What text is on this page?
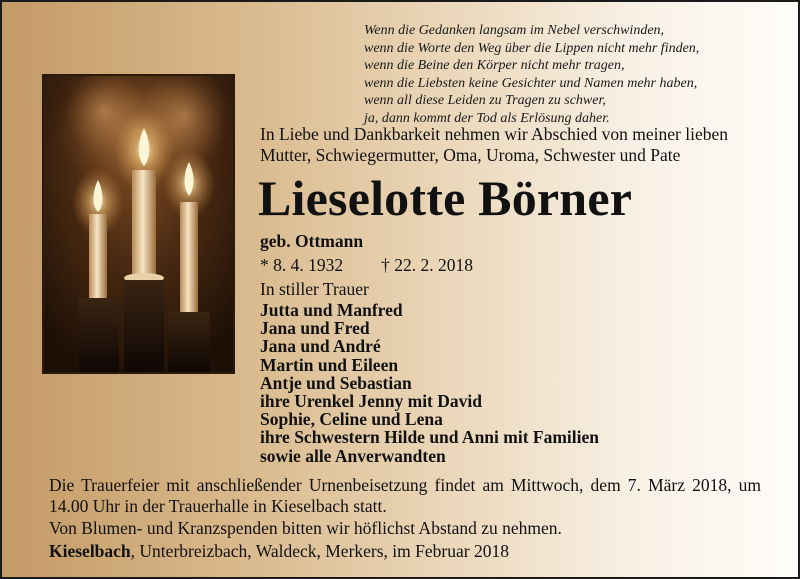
Wenn die Gedanken langsam im Nebel verschwinden,
wenn die Worte den Weg über die Lippen nicht mehr finden,
wenn die Beine den Körper nicht mehr tragen,
wenn die Liebsten keine Gesichter und Namen mehr haben,
wenn all diese Leiden zu Tragen zu schwer,
ja, dann kommt der Tod als Erlösung daher.
In Liebe und Dankbarkeit nehmen wir Abschied von meiner lieben
Mutter, Schwiegermutter, Oma, Uroma, Schwester und Pate
Lieselotte Börner
geb. Ottmann
* 8. 4. 1932 † 22. 2. 2018
In stiller Trauer
Jutta und Manfred
Jana und Fred
Jana und André
Martin und Eileen
Antje und Sebastian
ihre Urenkel Jenny mit David
Sophie, Celine und Lena
ihre Schwestern Hilde und Anni mit Familien
sowie alle Anverwandten
Die Trauerfeier mit anschließender Urnenbeisetzung findet am Mittwoch, dem 7. März 2018, um 14.00 Uhr in der Trauerhalle in Kieselbach statt.
Von Blumen- und Kranzspenden bitten wir höflichst Abstand zu nehmen.
Kieselbach, Unterbreizbach, Waldeck, Merkers, im Februar 2018
